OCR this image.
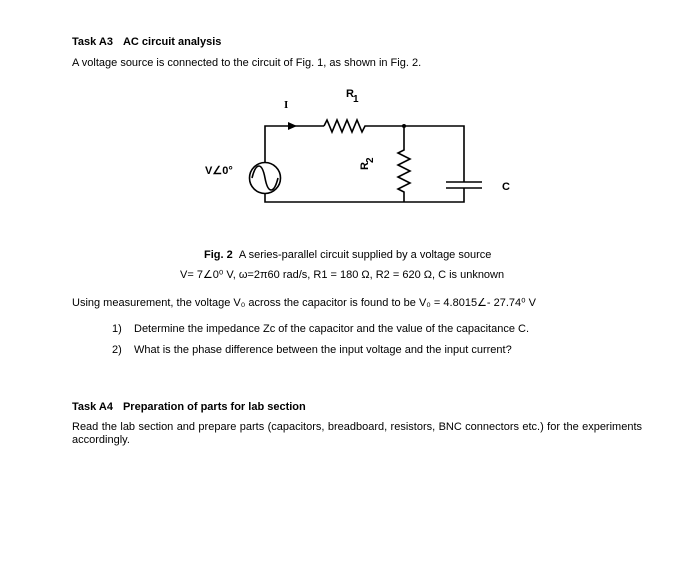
Task A3 AC circuit analysis
A voltage source is connected to the circuit of Fig. 1, as shown in Fig. 2.
I
R1
R2
C
V∠0°
Fig. 2 A series-parallel circuit supplied by a voltage source
V= 7∠0⁰ V, ω=2π60 rad/s, R1 = 180 Ω, R2 = 620 Ω, C is unknown
Using measurement, the voltage V₀ across the capacitor is found to be V₀ = 4.8015∠- 27.74⁰ V
1) Determine the impedance Zc of the capacitor and the value of the capacitance C.
2) What is the phase difference between the input voltage and the input current?
Task A4 Preparation of parts for lab section
Read the lab section and prepare parts (capacitors, breadboard, resistors, BNC connectors etc.) for the experiments accordingly.
